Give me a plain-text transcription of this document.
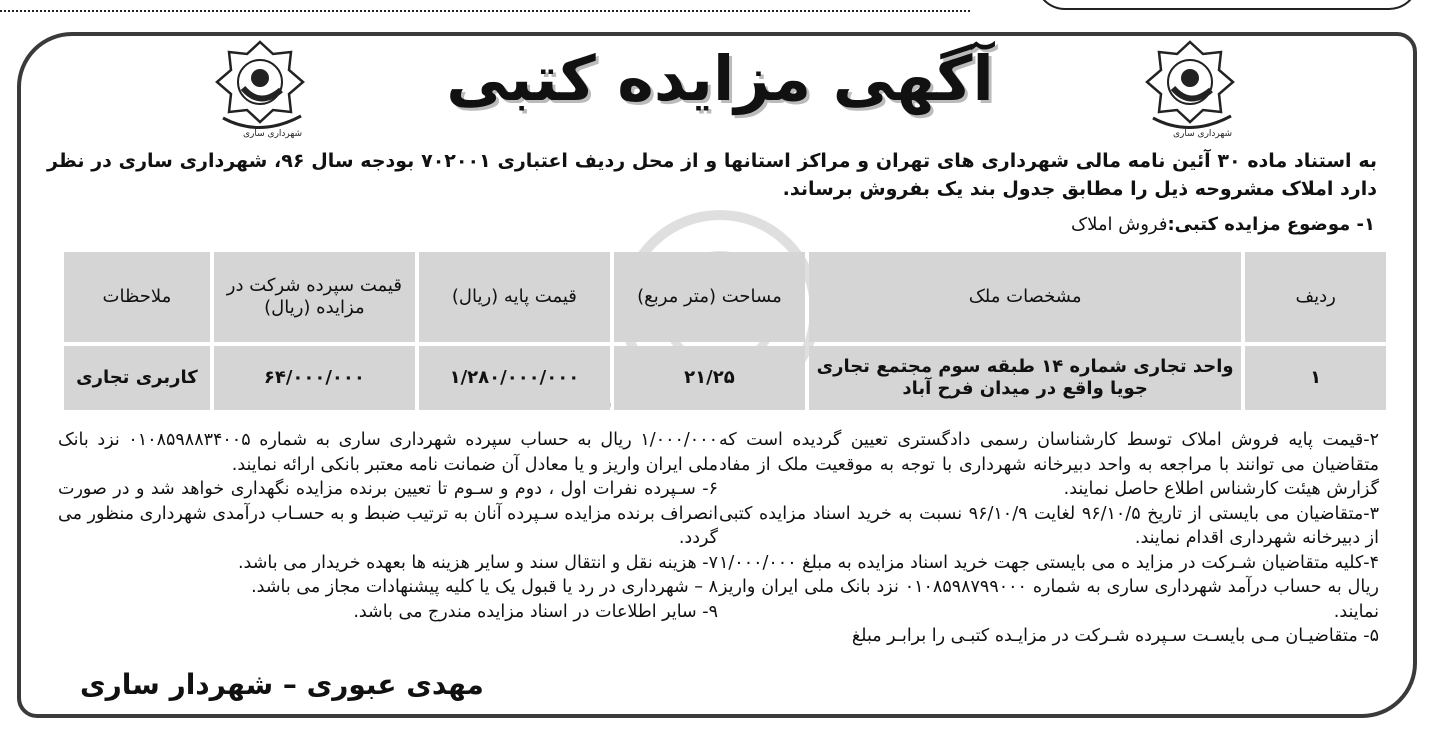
شهرداری ساری	شهرداری ساری
آگهی مزایده کتبی
به استناد ماده ۳۰ آئین نامه مالی شهرداری های تهران و مراکز استانها و از محل ردیف اعتباری ۷۰۲۰۰۱ بودجه سال ۹۶، شهرداری ساری در نظر دارد املاک مشروحه ذیل را مطابق جدول بند یک بفروش برساند.
۱- موضوع مزایده کتبی:فروش املاک
ردیف	مشخصات ملک	مساحت (متر مربع)	قیمت پایه (ریال)	قیمت سپرده شرکت در مزایده (ریال)	ملاحظات
۱	واحد تجاری شماره ۱۴ طبقه سوم مجتمع تجاری جویا واقع در میدان فرح آباد	۲۱/۲۵	۱/۲۸۰/۰۰۰/۰۰۰	۶۴/۰۰۰/۰۰۰	کاربری تجاری

۲-قیمت پایه فروش املاک توسط کارشناسان رسمی دادگستری تعیین گردیده است که متقاضیان می توانند با مراجعه به واحد دبیرخانه شهرداری با توجه به موقعیت ملک از مفاد گزارش هیئت کارشناس اطلاع حاصل نمایند.

۳-متقاضیان می بایستی از تاریخ ۹۶/۱۰/۵ لغایت ۹۶/۱۰/۹ نسبت به خرید اسناد مزایده کتبی از دبیرخانه شهرداری اقدام نمایند.

۴-کلیه متقاضیان شـرکت در مزاید ه می بایستی جهت خرید اسناد مزایده به مبلغ ۱/۰۰۰/۰۰۰ ریال به حساب درآمد شهرداری ساری به شماره ۰۱۰۸۵۹۸۷۹۹۰۰۰ نزد بانک ملی ایران واریز نمایند.

۵- متقاضیـان مـی بایسـت سـپرده شـرکت در مزایـده کتبـی را برابـر مبلغ

۱/۰۰۰/۰۰۰ ریال به حساب سپرده شهرداری ساری به شماره ۰۱۰۸۵۹۸۸۳۴۰۰۵ نزد بانک ملی ایران واریز و یا معادل آن ضمانت نامه معتبر بانکی ارائه نمایند.

۶- سـپرده نفرات اول ، دوم و سـوم تا تعیین برنده مزایده نگهداری خواهد شد و در صورت انصراف برنده مزایده سـپرده آنان به ترتیب ضبط و به حسـاب درآمدی شهرداری منظور می گردد.

۷- هزینه نقل و انتقال سند و سایر هزینه ها بعهده خریدار می باشد.

۸ – شهرداری در رد یا قبول یک یا کلیه پیشنهادات مجاز می باشد.

۹- سایر اطلاعات در اسناد مزایده مندرج می باشد.

مهدی عبوری – شهردار ساری
